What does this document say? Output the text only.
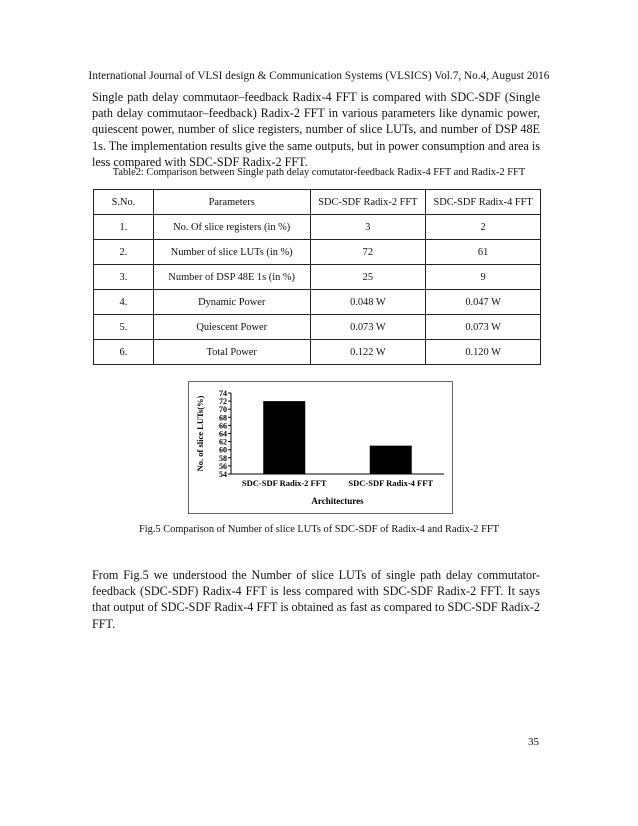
International Journal of VLSI design & Communication Systems (VLSICS) Vol.7, No.4, August 2016

Single path delay commutaor–feedback Radix-4 FFT is compared with SDC-SDF (Single path delay commutaor–feedback) Radix-2 FFT in various parameters like dynamic power, quiescent power, number of slice registers, number of slice LUTs, and number of DSP 48E 1s. The implementation results give the same outputs, but in power consumption and area is less compared with SDC-SDF Radix-2 FFT.

Table2: Comparison between Single path delay comutator-feedback Radix-4 FFT and Radix-2 FFT
S.No.	Parameters	SDC-SDF Radix-2 FFT	SDC-SDF Radix-4 FFT
1.	No. Of slice registers (in %)	3	2
2.	Number of slice LUTs (in %)	72	61
3.	Number of DSP 48E 1s (in %)	25	9
4.	Dynamic Power	0.048 W	0.047 W
5.	Quiescent Power	0.073 W	0.073 W
6.	Total Power	0.122 W	0.120 W
54
56
58
60
62
64
66
68
70
72
74
SDC-SDF Radix-2 FFT	SDC-SDF Radix-4 FFT
Architectures
No. of slice LUTs(%)
Fig.5 Comparison of Number of slice LUTs of SDC-SDF of Radix-4 and Radix-2 FFT

From Fig.5 we understood the Number of slice LUTs of single path delay commutator-feedback (SDC-SDF) Radix-4 FFT is less compared with SDC-SDF Radix-2 FFT. It says that output of SDC-SDF Radix-4 FFT is obtained as fast as compared to SDC-SDF Radix-2 FFT.

35
